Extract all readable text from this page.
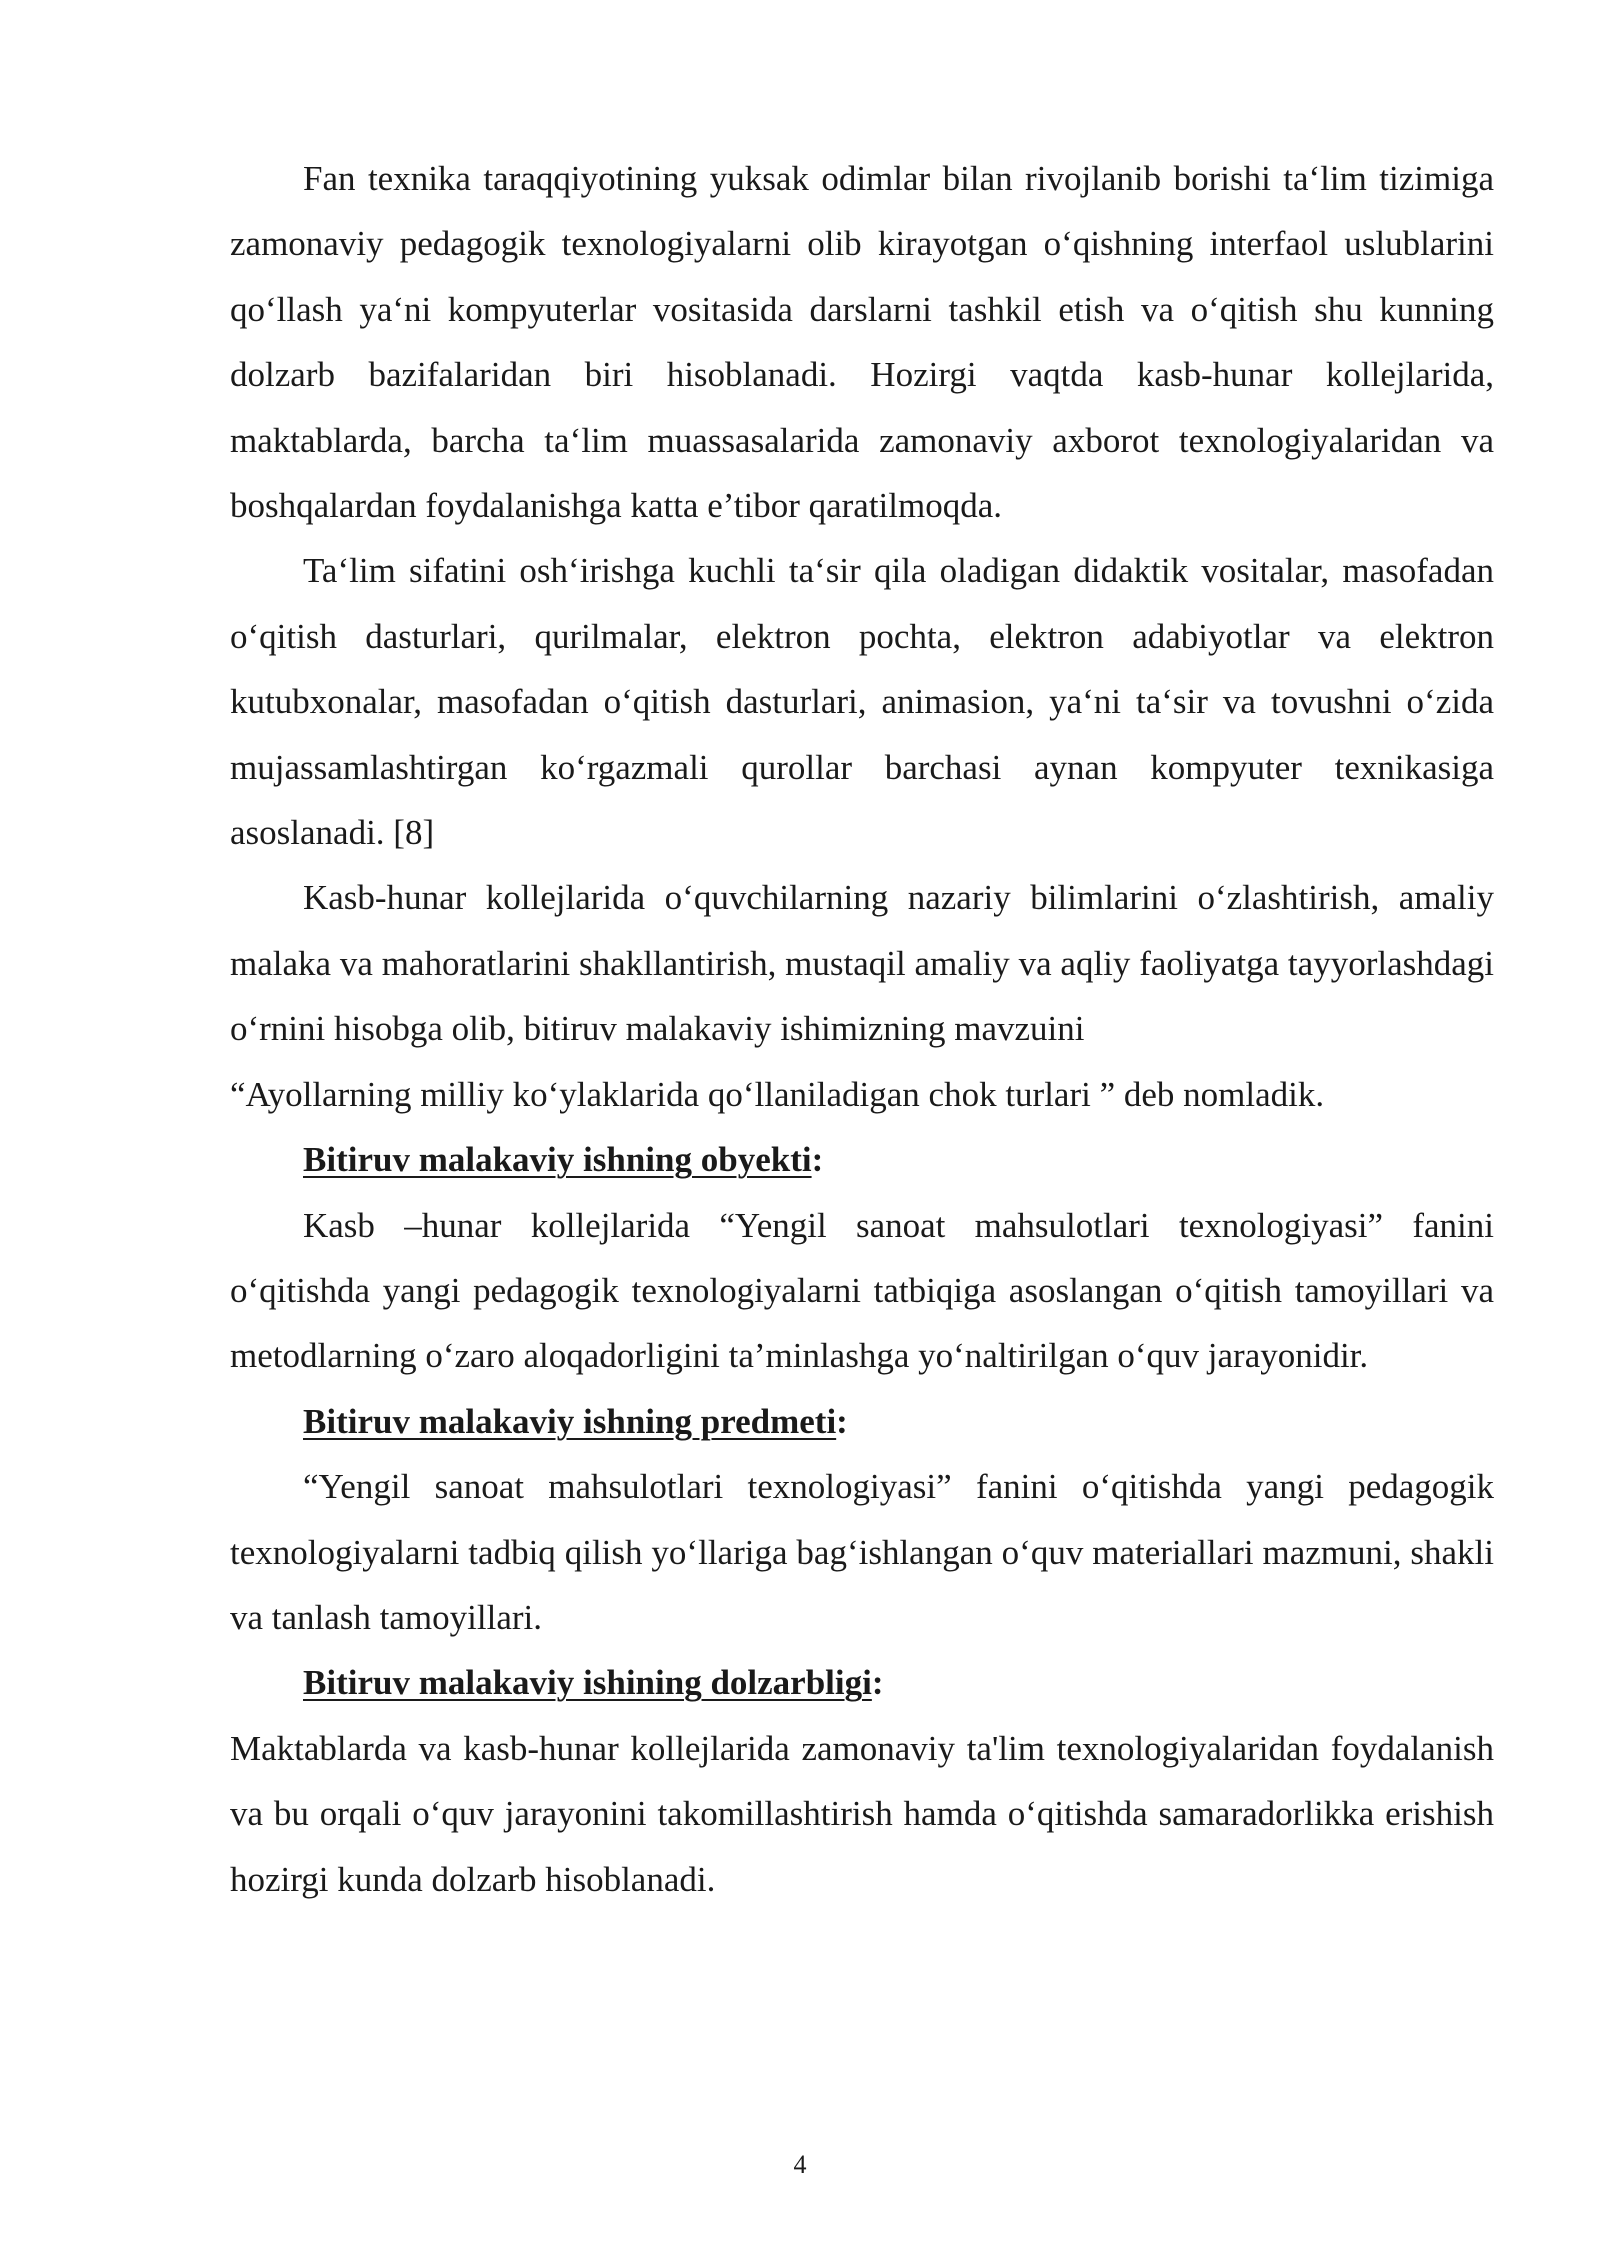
Fan texnika taraqqiyotining yuksak odimlar bilan rivojlanib borishi ta‘lim tizimiga zamonaviy pedagogik texnologiyalarni olib kirayotgan o‘qishning interfaol uslublarini qo‘llash ya‘ni kompyuterlar vositasida darslarni tashkil etish va o‘qitish shu kunning dolzarb bazifalaridan biri hisoblanadi. Hozirgi vaqtda kasb-hunar kollejlarida, maktablarda, barcha ta‘lim muassasalarida zamonaviy axborot texnologiyalaridan va boshqalardan foydalanishga katta e’tibor qaratilmoqda.

Ta‘lim sifatini osh‘irishga kuchli ta‘sir qila oladigan didaktik vositalar, masofadan o‘qitish dasturlari, qurilmalar, elektron pochta, elektron adabiyotlar va elektron kutubxonalar, masofadan o‘qitish dasturlari, animasion, ya‘ni ta‘sir va tovushni o‘zida mujassamlashtirgan ko‘rgazmali qurollar barchasi aynan kompyuter texnikasiga asoslanadi. [8]

Kasb-hunar kollejlarida o‘quvchilarning nazariy bilimlarini o‘zlashtirish, amaliy malaka va mahoratlarini shakllantirish, mustaqil amaliy va aqliy faoliyatga tayyorlashdagi o‘rnini hisobga olib, bitiruv malakaviy ishimizning mavzuini
“Ayollarning milliy ko‘ylaklarida qo‘llaniladigan chok turlari ” deb nomladik.

Bitiruv malakaviy ishning obyekti:

Kasb –hunar kollejlarida “Yengil sanoat mahsulotlari texnologiyasi” fanini o‘qitishda yangi pedagogik texnologiyalarni tatbiqiga asoslangan o‘qitish tamoyillari va metodlarning o‘zaro aloqadorligini ta’minlashga yo‘naltirilgan o‘quv jarayonidir.

Bitiruv malakaviy ishning predmeti:

“Yengil sanoat mahsulotlari texnologiyasi” fanini o‘qitishda yangi pedagogik texnologiyalarni tadbiq qilish yo‘llariga bag‘ishlangan o‘quv materiallari mazmuni, shakli va tanlash tamoyillari.

Bitiruv malakaviy ishining dolzarbligi:

Maktablarda va kasb-hunar kollejlarida zamonaviy ta'lim texnologiyalaridan foydalanish va bu orqali o‘quv jarayonini takomillashtirish hamda o‘qitishda samaradorlikka erishish hozirgi kunda dolzarb hisoblanadi.

4
